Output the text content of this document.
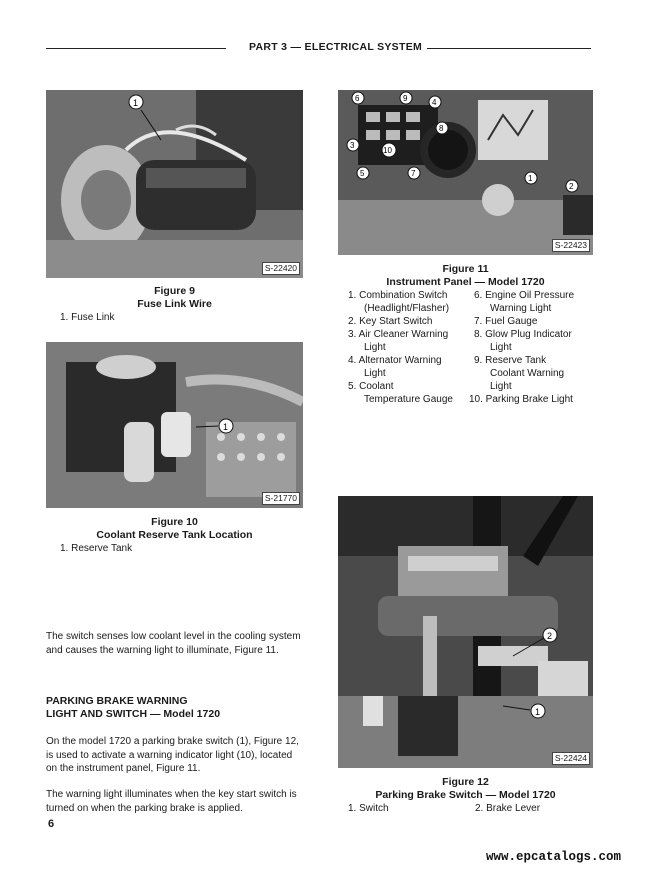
PART 3 — ELECTRICAL SYSTEM
1
S-22420
Figure 9
Fuse Link Wire
1. Fuse Link
1
S-21770
Figure 10
Coolant Reserve Tank Location
1. Reserve Tank
The switch senses low coolant level in the cooling system and causes the warning light to illuminate, Figure 11.
PARKING BRAKE WARNING
LIGHT AND SWITCH — Model 1720
On the model 1720 a parking brake switch (1), Figure 12, is used to activate a warning indicator light (10), located on the instrument panel, Figure 11.
The warning light illuminates when the key start switch is turned on when the parking brake is applied.
6
6	9	4
8
3
10
5	7
1
2
S-22423
Figure 11
Instrument Panel — Model 1720
1. Combination Switch
(Headlight/Flasher)
2. Key Start Switch
3. Air Cleaner Warning
Light
4. Alternator Warning
Light
5. Coolant
Temperature Gauge
6. Engine Oil Pressure
Warning Light
7. Fuel Gauge
8. Glow Plug Indicator
Light
9. Reserve Tank
Coolant Warning
Light
10. Parking Brake Light
2
1
S-22424
Figure 12
Parking Brake Switch — Model 1720
1. Switch	2. Brake Lever
www.epcatalogs.com
